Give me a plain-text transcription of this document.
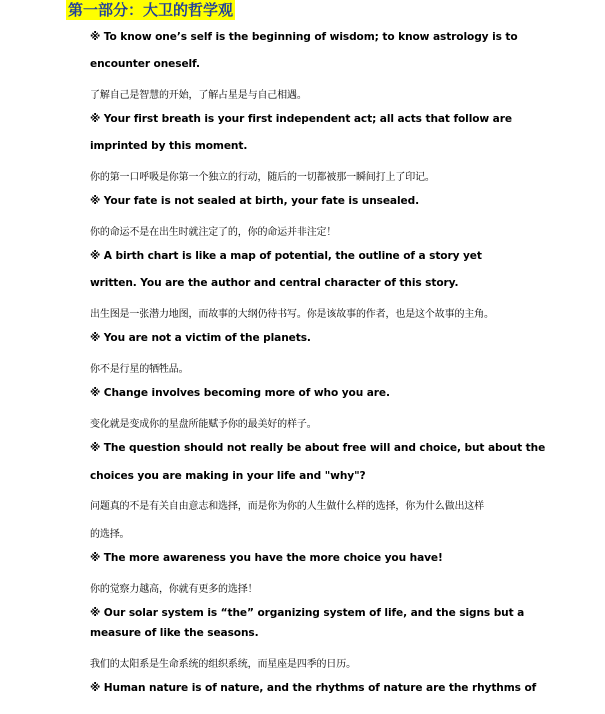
第一部分：大卫的哲学观
※ To know one’s self is the beginning of wisdom; to know astrology is to
encounter oneself.
了解自己是智慧的开始，了解占星是与自己相遇。
※ Your first breath is your first independent act; all acts that follow are
imprinted by this moment.
你的第一口呼吸是你第一个独立的行动，随后的一切都被那一瞬间打上了印记。
※ Your fate is not sealed at birth, your fate is unsealed.
你的命运不是在出生时就注定了的，你的命运并非注定！
※ A birth chart is like a map of potential, the outline of a story yet
written. You are the author and central character of this story.
出生图是一张潜力地图，而故事的大纲仍待书写。你是该故事的作者，也是这个故事的主角。
※ You are not a victim of the planets.
你不是行星的牺牲品。
※ Change involves becoming more of who you are.
变化就是变成你的星盘所能赋予你的最美好的样子。
※ The question should not really be about free will and choice, but about the
choices you are making in your life and "why"?
问题真的不是有关自由意志和选择，而是你为你的人生做什么样的选择，你为什么做出这样
的选择。
※ The more awareness you have the more choice you have!
你的觉察力越高，你就有更多的选择！
※ Our solar system is “the” organizing system of life, and the signs but a
measure of like the seasons.
我们的太阳系是生命系统的组织系统，而星座是四季的日历。
※ Human nature is of nature, and the rhythms of nature are the rhythms of
